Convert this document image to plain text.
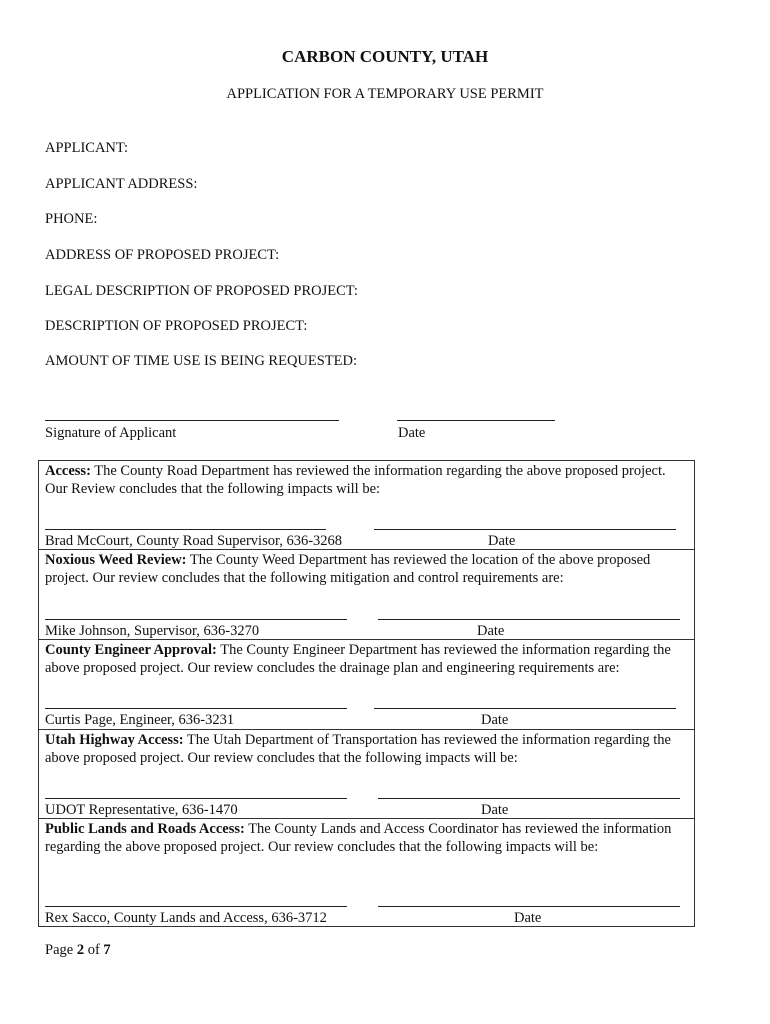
CARBON COUNTY, UTAH
APPLICATION FOR A TEMPORARY USE PERMIT
APPLICANT:
APPLICANT ADDRESS:
PHONE:
ADDRESS OF PROPOSED PROJECT:
LEGAL DESCRIPTION OF PROPOSED PROJECT:
DESCRIPTION OF PROPOSED PROJECT:
AMOUNT OF TIME USE IS BEING REQUESTED:
Signature of Applicant	Date
Access: The County Road Department has reviewed the information regarding the above proposed project. Our Review concludes that the following impacts will be:
Brad McCourt, County Road Supervisor, 636-3268	Date
Noxious Weed Review: The County Weed Department has reviewed the location of the above proposed project. Our review concludes that the following mitigation and control requirements are:
Mike Johnson, Supervisor, 636-3270	Date
County Engineer Approval: The County Engineer Department has reviewed the information regarding the above proposed project. Our review concludes the drainage plan and engineering requirements are:
Curtis Page, Engineer, 636-3231	Date
Utah Highway Access: The Utah Department of Transportation has reviewed the information regarding the above proposed project. Our review concludes that the following impacts will be:
UDOT Representative, 636-1470	Date
Public Lands and Roads Access: The County Lands and Access Coordinator has reviewed the information regarding the above proposed project. Our review concludes that the following impacts will be:
Rex Sacco, County Lands and Access, 636-3712	Date
Page 2 of 7
